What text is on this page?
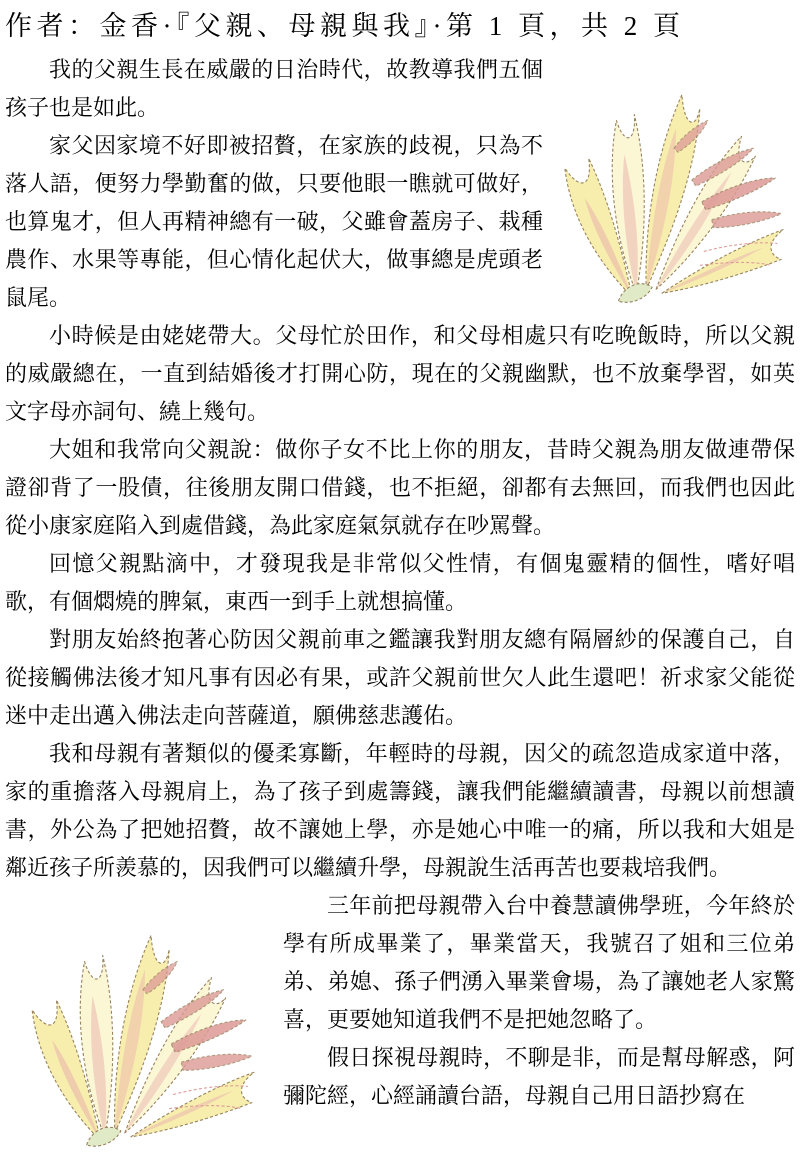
作者：金香·『父親、母親與我』·第 1 頁，共 2 頁

我的父親生長在威嚴的日治時代，故教導我們五個孩子也是如此。

家父因家境不好即被招贅，在家族的歧視，只為不落人語，便努力學勤奮的做，只要他眼一瞧就可做好，也算鬼才，但人再精神總有一破，父雖會蓋房子、栽種農作、水果等專能，但心情化起伏大，做事總是虎頭老鼠尾。

小時候是由姥姥帶大。父母忙於田作，和父母相處只有吃晚飯時，所以父親的威嚴總在，一直到結婚後才打開心防，現在的父親幽默，也不放棄學習，如英文字母亦詞句、繞上幾句。

大姐和我常向父親說：做你子女不比上你的朋友，昔時父親為朋友做連帶保證卻背了一股債，往後朋友開口借錢，也不拒絕，卻都有去無回，而我們也因此從小康家庭陷入到處借錢，為此家庭氣氛就存在吵罵聲。

回憶父親點滴中，才發現我是非常似父性情，有個鬼靈精的個性，嗜好唱歌，有個燜燒的脾氣，東西一到手上就想搞懂。

對朋友始終抱著心防因父親前車之鑑讓我對朋友總有隔層紗的保護自己，自從接觸佛法後才知凡事有因必有果，或許父親前世欠人此生還吧！祈求家父能從迷中走出邁入佛法走向菩薩道，願佛慈悲護佑。

我和母親有著類似的優柔寡斷，年輕時的母親，因父的疏忽造成家道中落，家的重擔落入母親肩上，為了孩子到處籌錢，讓我們能繼續讀書，母親以前想讀書，外公為了把她招贅，故不讓她上學，亦是她心中唯一的痛，所以我和大姐是鄰近孩子所羨慕的，因我們可以繼續升學，母親說生活再苦也要栽培我們。

三年前把母親帶入台中養慧讀佛學班，今年終於學有所成畢業了，畢業當天，我號召了姐和三位弟弟、弟媳、孫子們湧入畢業會場，為了讓她老人家驚喜，更要她知道我們不是把她忽略了。

假日探視母親時，不聊是非，而是幫母解惑，阿彌陀經，心經誦讀台語，母親自己用日語抄寫在
